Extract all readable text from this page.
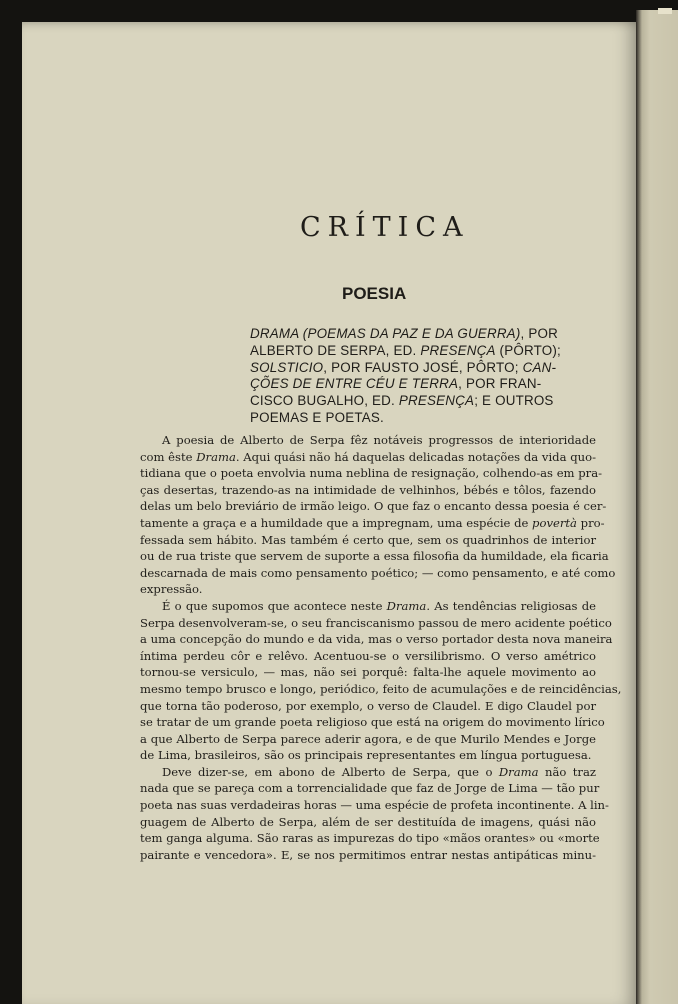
CRÍTICA
POESIA
DRAMA (POEMAS DA PAZ E DA GUERRA), POR
ALBERTO DE SERPA, ED. PRESENÇA (PÔRTO);
SOLSTICIO, POR FAUSTO JOSÉ, PÔRTO; CAN-
ÇÕES DE ENTRE CÉU E TERRA, POR FRAN-
CISCO BUGALHO, ED. PRESENÇA; E OUTROS
POEMAS E POETAS.
A poesia de Alberto de Serpa fêz notáveis progressos de interioridade
com êste Drama. Aqui quási não há daquelas delicadas notações da vida quo-
tidiana que o poeta envolvia numa neblina de resignação, colhendo-as em pra-
ças desertas, trazendo-as na intimidade de velhinhos, bébés e tôlos, fazendo
delas um belo breviário de irmão leigo. O que faz o encanto dessa poesia é cer-
tamente a graça e a humildade que a impregnam, uma espécie de povertà pro-
fessada sem hábito. Mas também é certo que, sem os quadrinhos de interior
ou de rua triste que servem de suporte a essa filosofia da humildade, ela ficaria
descarnada de mais como pensamento poético; — como pensamento, e até como
expressão.
É o que supomos que acontece neste Drama. As tendências religiosas de
Serpa desenvolveram-se, o seu franciscanismo passou de mero acidente poético
a uma concepção do mundo e da vida, mas o verso portador desta nova maneira
íntima perdeu côr e relêvo. Acentuou-se o versilibrismo. O verso amétrico
tornou-se versiculo, — mas, não sei porquê: falta-lhe aquele movimento ao
mesmo tempo brusco e longo, periódico, feito de acumulações e de reincidências,
que torna tão poderoso, por exemplo, o verso de Claudel. E digo Claudel por
se tratar de um grande poeta religioso que está na origem do movimento lírico
a que Alberto de Serpa parece aderir agora, e de que Murilo Mendes e Jorge
de Lima, brasileiros, são os principais representantes em língua portuguesa.
Deve dizer-se, em abono de Alberto de Serpa, que o Drama não traz
nada que se pareça com a torrencialidade que faz de Jorge de Lima — tão pur
poeta nas suas verdadeiras horas — uma espécie de profeta incontinente. A lin-
guagem de Alberto de Serpa, além de ser destituída de imagens, quási não
tem ganga alguma. São raras as impurezas do tipo «mãos orantes» ou «morte
pairante e vencedora». E, se nos permitimos entrar nestas antipáticas minu-
